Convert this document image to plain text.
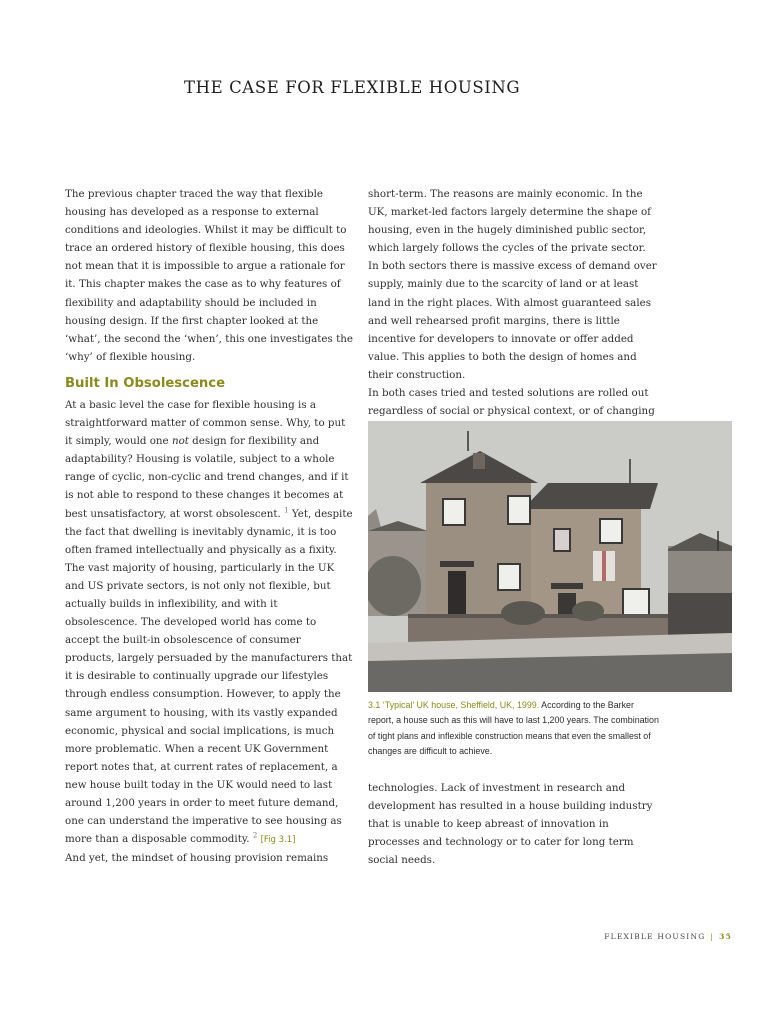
THE CASE FOR FLEXIBLE HOUSING

The previous chapter traced the way that flexible housing has developed as a response to external conditions and ideologies. Whilst it may be difficult to trace an ordered history of flexible housing, this does not mean that it is impossible to argue a rationale for it. This chapter makes the case as to why features of flexibility and adaptability should be included in housing design. If the first chapter looked at the ‘what’, the second the ‘when’, this one investigates the ‘why’ of flexible housing.

Built In Obsolescence

At a basic level the case for flexible housing is a straightforward matter of common sense. Why, to put it simply, would one not design for flexibility and adaptability? Housing is volatile, subject to a whole range of cyclic, non-cyclic and trend changes, and if it is not able to respond to these changes it becomes at best unsatisfactory, at worst obsolescent. $^1$ Yet, despite the fact that dwelling is inevitably dynamic, it is too often framed intellectually and physically as a fixity.

The vast majority of housing, particularly in the UK and US private sectors, is not only not flexible, but actually builds in inflexibility, and with it obsolescence. The developed world has come to accept the built-in obsolescence of consumer products, largely persuaded by the manufacturers that it is desirable to continually upgrade our lifestyles through endless consumption. However, to apply the same argument to housing, with its vastly expanded economic, physical and social implications, is much more problematic. When a recent UK Government report notes that, at current rates of replacement, a new house built today in the UK would need to last around 1,200 years in order to meet future demand, one can understand the imperative to see housing as more than a disposable commodity. $^2$ [Fig 3.1]

And yet, the mindset of housing provision remains

short-term. The reasons are mainly economic. In the UK, market-led factors largely determine the shape of housing, even in the hugely diminished public sector, which largely follows the cycles of the private sector.

In both sectors there is massive excess of demand over supply, mainly due to the scarcity of land or at least land in the right places. With almost guaranteed sales and well rehearsed profit margins, there is little incentive for developers to innovate or offer added value. This applies to both the design of homes and their construction.

In both cases tried and tested solutions are rolled out regardless of social or physical context, or of changing

3.1 ‘Typical’ UK house, Sheffield, UK, 1999. According to the Barker report, a house such as this will have to last 1,200 years. The combination of tight plans and inflexible construction means that even the smallest of changes are difficult to achieve.

technologies. Lack of investment in research and development has resulted in a house building industry that is unable to keep abreast of innovation in processes and technology or to cater for long term social needs.

FLEXIBLE HOUSING | 35
